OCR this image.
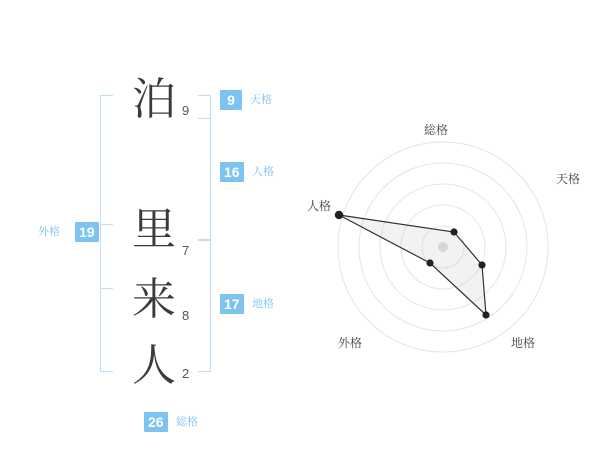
泊 9
里 7
来 8
人 2
9	天格
16	人格
17	地格
19
外格
26	総格
総格
天格
地格
外格
人格
